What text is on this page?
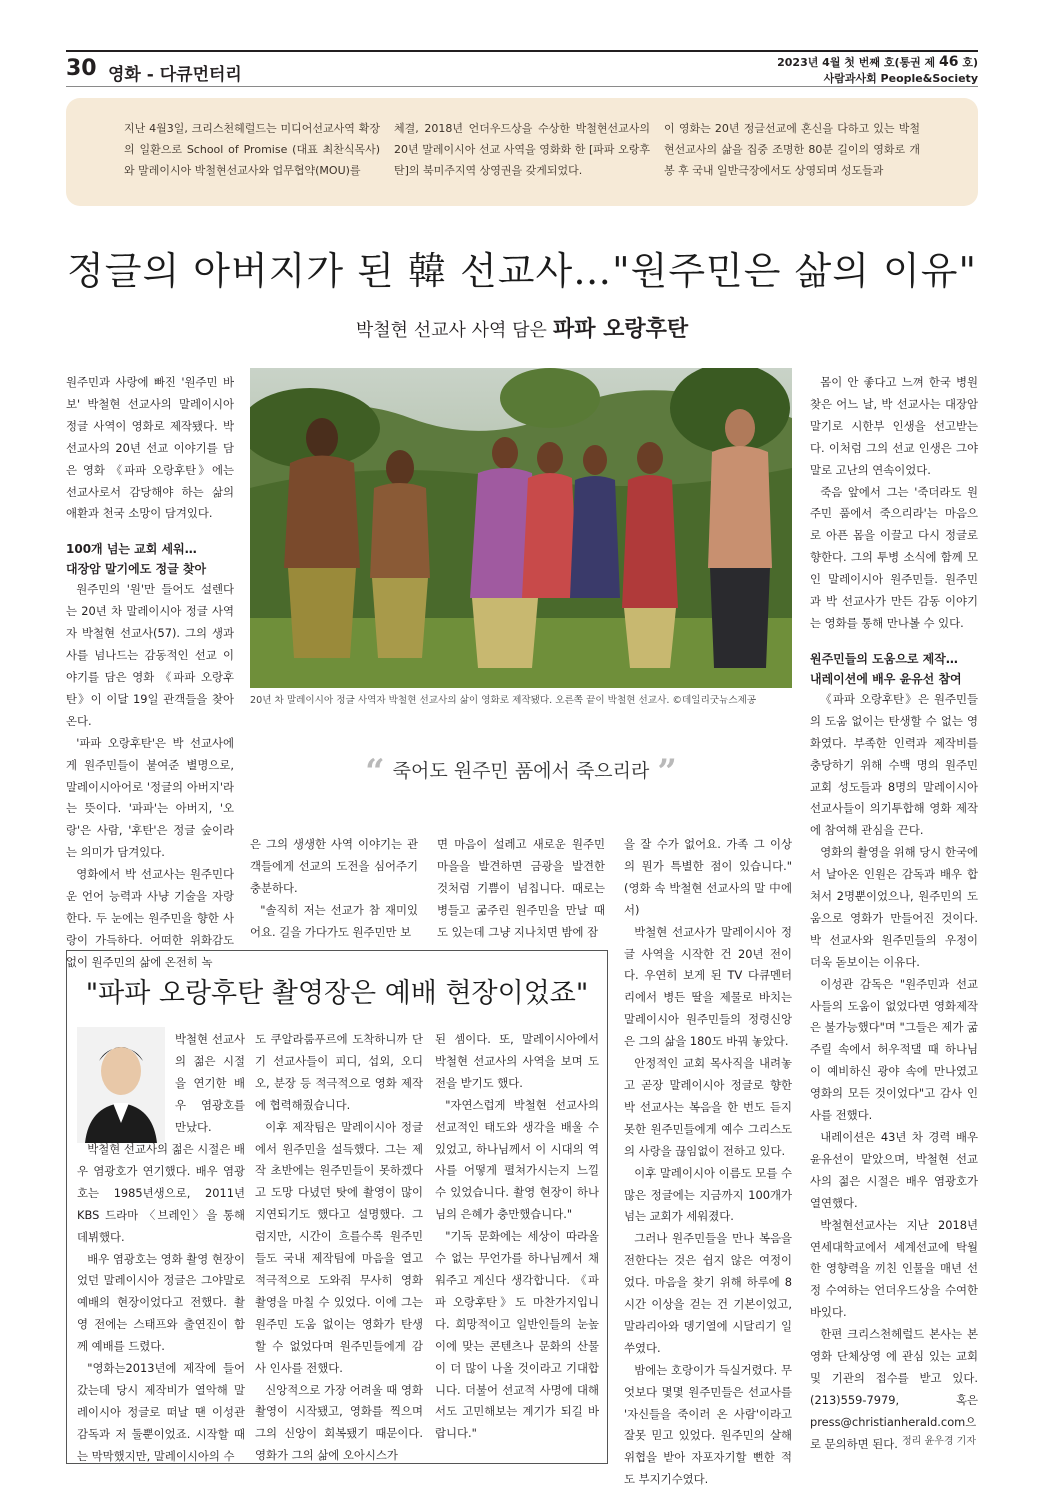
30 영화 - 다큐먼터리
2023년 4월 첫 번째 호(통권 제 46 호)
사람과사회 People&Society
지난 4월3일, 크리스천헤럴드는 미디어선교사역 확장의 일환으로 School of Promise (대표 최찬식목사)와 말레이시아 박철현선교사와 업무협약(MOU)를
체결, 2018년 언더우드상을 수상한 박철현선교사의 20년 말레이시아 선교 사역을 영화화 한 [파파 오랑후탄]의 북미주지역 상영권을 갖게되었다.
이 영화는 20년 정글선교에 혼신을 다하고 있는 박철현선교사의 삶을 집중 조명한 80분 길이의 영화로 개봉 후 국내 일반극장에서도 상영되며 성도들과
정글의 아버지가 된 韓 선교사…"원주민은 삶의 이유"
박철현 선교사 사역 담은 파파 오랑후탄

원주민과 사랑에 빠진 '원주민 바보' 박철현 선교사의 말레이시아 정글 사역이 영화로 제작됐다. 박선교사의 20년 선교 이야기를 담은 영화 《파파 오랑후탄》에는 선교사로서 감당해야 하는 삶의 애환과 천국 소망이 담겨있다.

100개 넘는 교회 세워…
대장암 말기에도 정글 찾아

원주민의 '원'만 들어도 설렌다는 20년 차 말레이시아 정글 사역자 박철현 선교사(57). 그의 생과 사를 넘나드는 감동적인 선교 이야기를 담은 영화 《파파 오랑후탄》이 이달 19일 관객들을 찾아온다.

'파파 오랑후탄'은 박 선교사에게 원주민들이 붙여준 별명으로, 말레이시아어로 '정글의 아버지'라는 뜻이다. '파파'는 아버지, '오랑'은 사람, '후탄'은 정글 숲이라는 의미가 담겨있다.

영화에서 박 선교사는 원주민다운 언어 능력과 사냥 기술을 자랑한다. 두 눈에는 원주민을 향한 사랑이 가득하다. 어떠한 위화감도 없이 원주민의 삶에 온전히 녹

20년 차 말레이시아 정글 사역자 박철현 선교사의 삶이 영화로 제작됐다. 오른쪽 끝이 박철현 선교사. ©데일리굿뉴스제공
“ 죽어도 원주민 품에서 죽으리라 ”

은 그의 생생한 사역 이야기는 관객들에게 선교의 도전을 심어주기 충분하다.

"솔직히 저는 선교가 참 재미있어요. 길을 가다가도 원주민만 보

면 마음이 설레고 새로운 원주민 마을을 발견하면 금광을 발견한 것처럼 기쁨이 넘칩니다. 때로는 병들고 굶주린 원주민을 만날 때도 있는데 그냥 지나치면 밤에 잠

을 잘 수가 없어요. 가족 그 이상의 뭔가 특별한 점이 있습니다."(영화 속 박철현 선교사의 말 中에서)

박철현 선교사가 말레이시아 정글 사역을 시작한 건 20년 전이다. 우연히 보게 된 TV 다큐멘터리에서 병든 딸을 제물로 바치는 말레이시아 원주민들의 정령신앙은 그의 삶을 180도 바꿔 놓았다.

안정적인 교회 목사직을 내려놓고 곧장 말레이시아 정글로 향한 박 선교사는 복음을 한 번도 듣지 못한 원주민들에게 예수 그리스도의 사랑을 끊임없이 전하고 있다.

이후 말레이시아 이름도 모를 수많은 정글에는 지금까지 100개가 넘는 교회가 세워졌다.

그러나 원주민들을 만나 복음을 전한다는 것은 쉽지 않은 여정이었다. 마음을 찾기 위해 하루에 8시간 이상을 걷는 건 기본이었고, 말라리아와 뎅기열에 시달리기 일쑤였다.

밤에는 호랑이가 득실거렸다. 무엇보다 몇몇 원주민들은 선교사를 '자신들을 죽이러 온 사람'이라고 잘못 믿고 있었다. 원주민의 살해 위협을 받아 자포자기할 뻔한 적도 부지기수였다.

몸이 안 좋다고 느껴 한국 병원 찾은 어느 날, 박 선교사는 대장암 말기로 시한부 인생을 선고받는다. 이처럼 그의 선교 인생은 그야말로 고난의 연속이었다.

죽음 앞에서 그는 '죽더라도 원주민 품에서 죽으리라'는 마음으로 아픈 몸을 이끌고 다시 정글로 향한다. 그의 투병 소식에 함께 모인 말레이시아 원주민들. 원주민과 박 선교사가 만든 감동 이야기는 영화를 통해 만나볼 수 있다.

원주민들의 도움으로 제작…
내레이션에 배우 윤유선 참여

《파파 오랑후탄》은 원주민들의 도움 없이는 탄생할 수 없는 영화였다. 부족한 인력과 제작비를 충당하기 위해 수백 명의 원주민교회 성도들과 8명의 말레이시아 선교사들이 의기투합해 영화 제작에 참여해 관심을 끈다.

영화의 촬영을 위해 당시 한국에서 날아온 인원은 감독과 배우 합쳐서 2명뿐이었으나, 원주민의 도움으로 영화가 만들어진 것이다. 박 선교사와 원주민들의 우정이 더욱 돋보이는 이유다.

이성관 감독은 "원주민과 선교사들의 도움이 없었다면 영화제작은 불가능했다"며 "그들은 제가 굶주릴 속에서 허우적댈 때 하나님이 예비하신 광야 속에 만나였고 영화의 모든 것이었다"고 감사 인사를 전했다.

내레이션은 43년 차 경력 배우 윤유선이 맡았으며, 박철현 선교사의 젊은 시절은 배우 염광호가 열연했다.

박철현선교사는 지난 2018년 연세대학교에서 세계선교에 탁월한 영향력을 끼친 인물을 매년 선정 수여하는 언더우드상을 수여한 바있다.

한편 크리스천헤럴드 본사는 본 영화 단체상영 에 관심 있는 교회 및 기관의 접수를 받고 있다. (213)559-7979, 혹은 press@christianherald.com으로 문의하면 된다. 정리 윤우경 기자
"파파 오랑후탄 촬영장은 예배 현장이었죠"

박철현 선교사의 젊은 시절을 연기한 배우 염광호를 만났다.

박철현 선교사의 젊은 시절은 배우 염광호가 연기했다. 배우 염광호는 1985년생으로, 2011년 KBS 드라마 〈브레인〉을 통해 데뷔했다.

배우 염광호는 영화 촬영 현장이었던 말레이시아 정글은 그야말로 예배의 현장이었다고 전했다. 촬영 전에는 스태프와 출연진이 함께 예배를 드렸다.

"영화는2013년에 제작에 들어갔는데 당시 제작비가 열악해 말레이시아 정글로 떠날 땐 이성관 감독과 저 둘뿐이었죠. 시작할 때는 막막했지만, 말레이시아의 수

도 쿠알라룸푸르에 도착하니까 단기 선교사들이 피디, 섭외, 오디오, 분장 등 적극적으로 영화 제작에 협력해줬습니다.

이후 제작팀은 말레이시아 정글에서 원주민을 설득했다. 그는 제작 초반에는 원주민들이 못하겠다고 도망 다녔던 탓에 촬영이 많이 지연되기도 했다고 설명했다. 그럼지만, 시간이 흐를수록 원주민들도 국내 제작팀에 마음을 열고 적극적으로 도와줘 무사히 영화 촬영을 마칠 수 있었다. 이에 그는 원주민 도움 없이는 영화가 탄생할 수 없었다며 원주민들에게 감사 인사를 전했다.

신앙적으로 가장 어려울 때 영화 촬영이 시작됐고, 영화를 찍으며 그의 신앙이 회복됐기 때문이다. 영화가 그의 삶에 오아시스가

된 셈이다. 또, 말레이시아에서 박철현 선교사의 사역을 보며 도전을 받기도 했다.

"자연스럽게 박철현 선교사의 선교적인 태도와 생각을 배울 수 있었고, 하나님께서 이 시대의 역사를 어떻게 펼쳐가시는지 느낄 수 있었습니다. 촬영 현장이 하나님의 은혜가 충만했습니다."

"기독 문화에는 세상이 따라올 수 없는 무언가를 하나님께서 채워주고 계신다 생각합니다. 《파파 오랑후탄》도 마찬가지입니다. 희망적이고 일반인들의 눈높이에 맞는 콘텐츠나 문화의 산물이 더 많이 나올 것이라고 기대합니다. 더불어 선교적 사명에 대해서도 고민해보는 계기가 되길 바랍니다."
